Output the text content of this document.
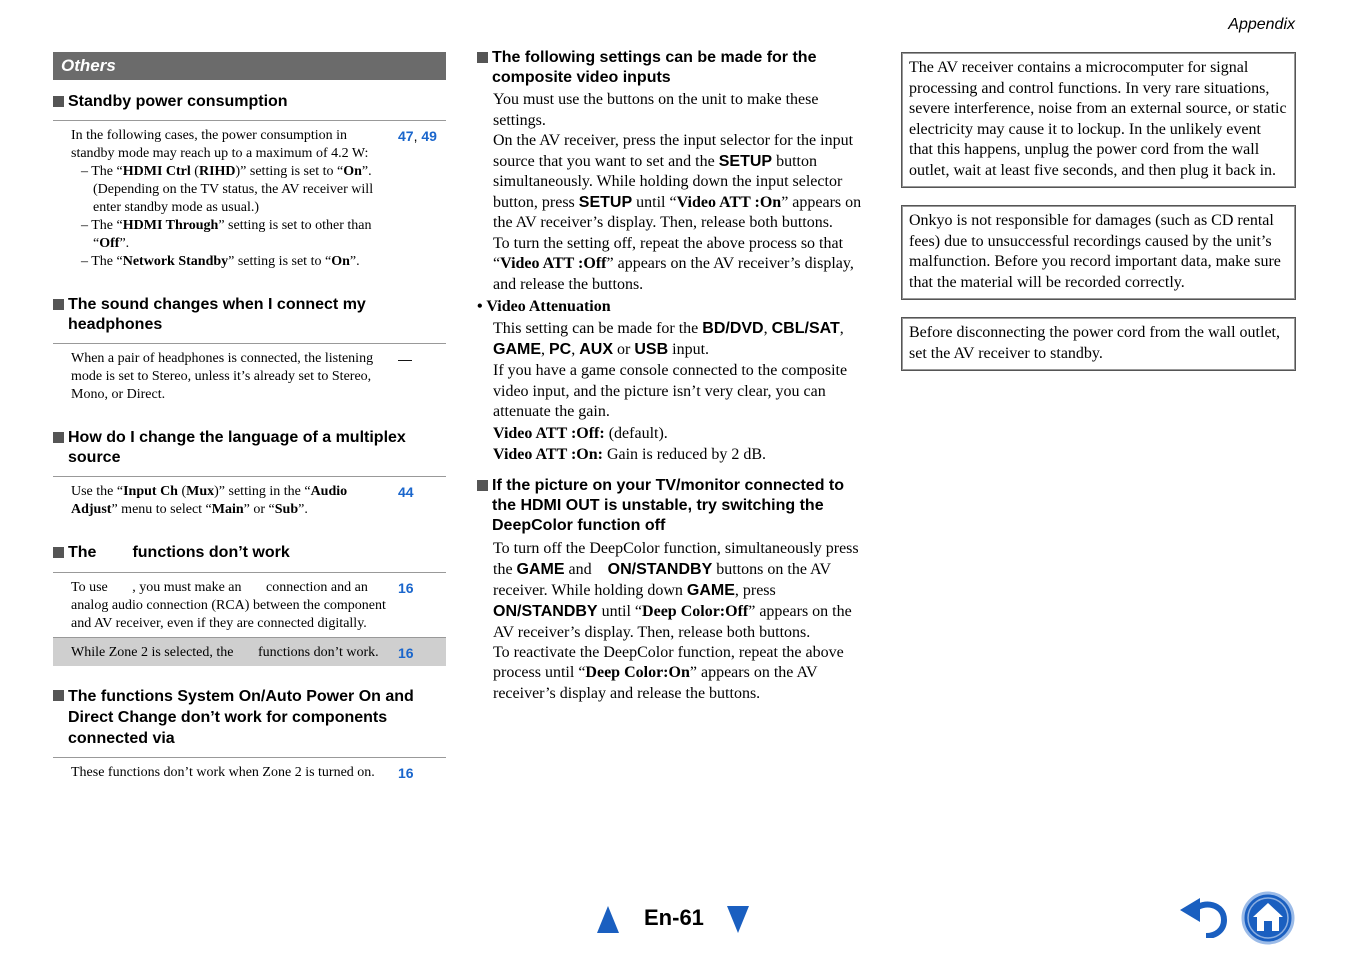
Appendix
Others
Standby power consumption
In the following cases, the power consumption in standby mode may reach up to a maximum of 4.2 W:
– The “HDMI Ctrl (RIHD)” setting is set to “On”. (Depending on the TV status, the AV receiver will enter standby mode as usual.)
– The “HDMI Through” setting is set to other than “Off”.
– The “Network Standby” setting is set to “On”.
47, 49
The sound changes when I connect my headphones
When a pair of headphones is connected, the listening mode is set to Stereo, unless it’s already set to Stereo, Mono, or Direct.
—
How do I change the language of a multiplex source
Use the “Input Ch (Mux)” setting in the “Audio Adjust” menu to select “Main” or “Sub”.
44
The functions don’t work
To use       , you must make an       connection and an analog audio connection (RCA) between the component and AV receiver, even if they are connected digitally.
16
While Zone 2 is selected, the       functions don’t work.	16
The functions System On/Auto Power On and Direct Change don’t work for components connected via
These functions don’t work when Zone 2 is turned on.	16
The following settings can be made for the composite video inputs
You must use the buttons on the unit to make these settings.
On the AV receiver, press the input selector for the input source that you want to set and the SETUP button simultaneously. While holding down the input selector button, press SETUP until “Video ATT :On” appears on the AV receiver’s display. Then, release both buttons.
To turn the setting off, repeat the above process so that “Video ATT :Off” appears on the AV receiver’s display, and release the buttons.
• Video Attenuation
This setting can be made for the BD/DVD, CBL/SAT, GAME, PC, AUX or USB input.
If you have a game console connected to the composite video input, and the picture isn’t very clear, you can attenuate the gain.
Video ATT :Off: (default).
Video ATT :On: Gain is reduced by 2 dB.
If the picture on your TV/monitor connected to the HDMI OUT is unstable, try switching the DeepColor function off
To turn off the DeepColor function, simultaneously press the GAME and    ON/STANDBY buttons on the AV receiver. While holding down GAME, press    ON/STANDBY until “Deep Color:Off” appears on the AV receiver’s display. Then, release both buttons.
To reactivate the DeepColor function, repeat the above process until “Deep Color:On” appears on the AV receiver’s display and release the buttons.
The AV receiver contains a microcomputer for signal processing and control functions. In very rare situations, severe interference, noise from an external source, or static electricity may cause it to lockup. In the unlikely event that this happens, unplug the power cord from the wall outlet, wait at least five seconds, and then plug it back in.
Onkyo is not responsible for damages (such as CD rental fees) due to unsuccessful recordings caused by the unit’s malfunction. Before you record important data, make sure that the material will be recorded correctly.
Before disconnecting the power cord from the wall outlet, set the AV receiver to standby.
En-61
